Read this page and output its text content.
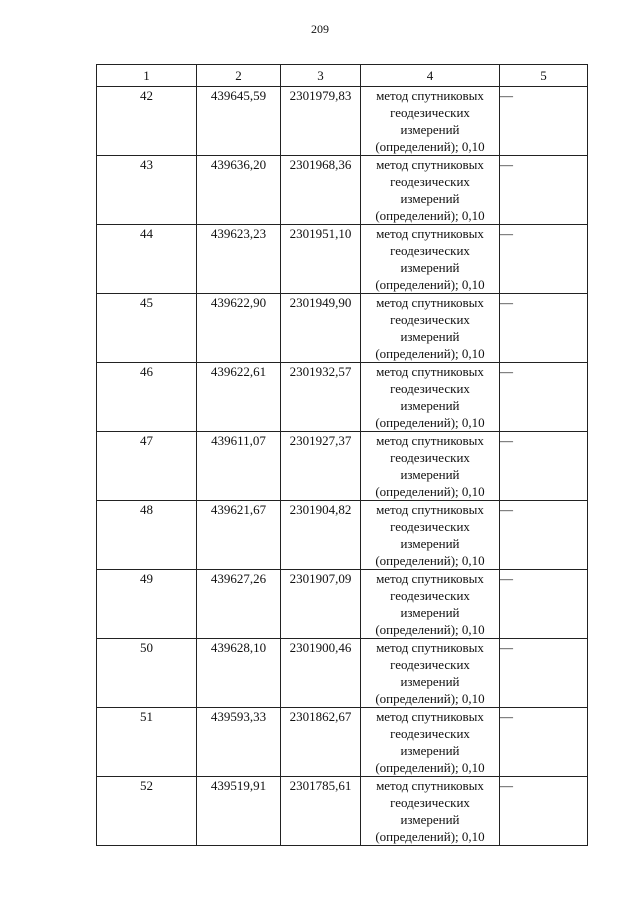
209
1	2	3	4	5
42	439645,59	2301979,83	метод спутниковых
геодезических
измерений
(определений); 0,10	—
43	439636,20	2301968,36	метод спутниковых
геодезических
измерений
(определений); 0,10	—
44	439623,23	2301951,10	метод спутниковых
геодезических
измерений
(определений); 0,10	—
45	439622,90	2301949,90	метод спутниковых
геодезических
измерений
(определений); 0,10	—
46	439622,61	2301932,57	метод спутниковых
геодезических
измерений
(определений); 0,10	—
47	439611,07	2301927,37	метод спутниковых
геодезических
измерений
(определений); 0,10	—
48	439621,67	2301904,82	метод спутниковых
геодезических
измерений
(определений); 0,10	—
49	439627,26	2301907,09	метод спутниковых
геодезических
измерений
(определений); 0,10	—
50	439628,10	2301900,46	метод спутниковых
геодезических
измерений
(определений); 0,10	—
51	439593,33	2301862,67	метод спутниковых
геодезических
измерений
(определений); 0,10	—
52	439519,91	2301785,61	метод спутниковых
геодезических
измерений
(определений); 0,10	—
